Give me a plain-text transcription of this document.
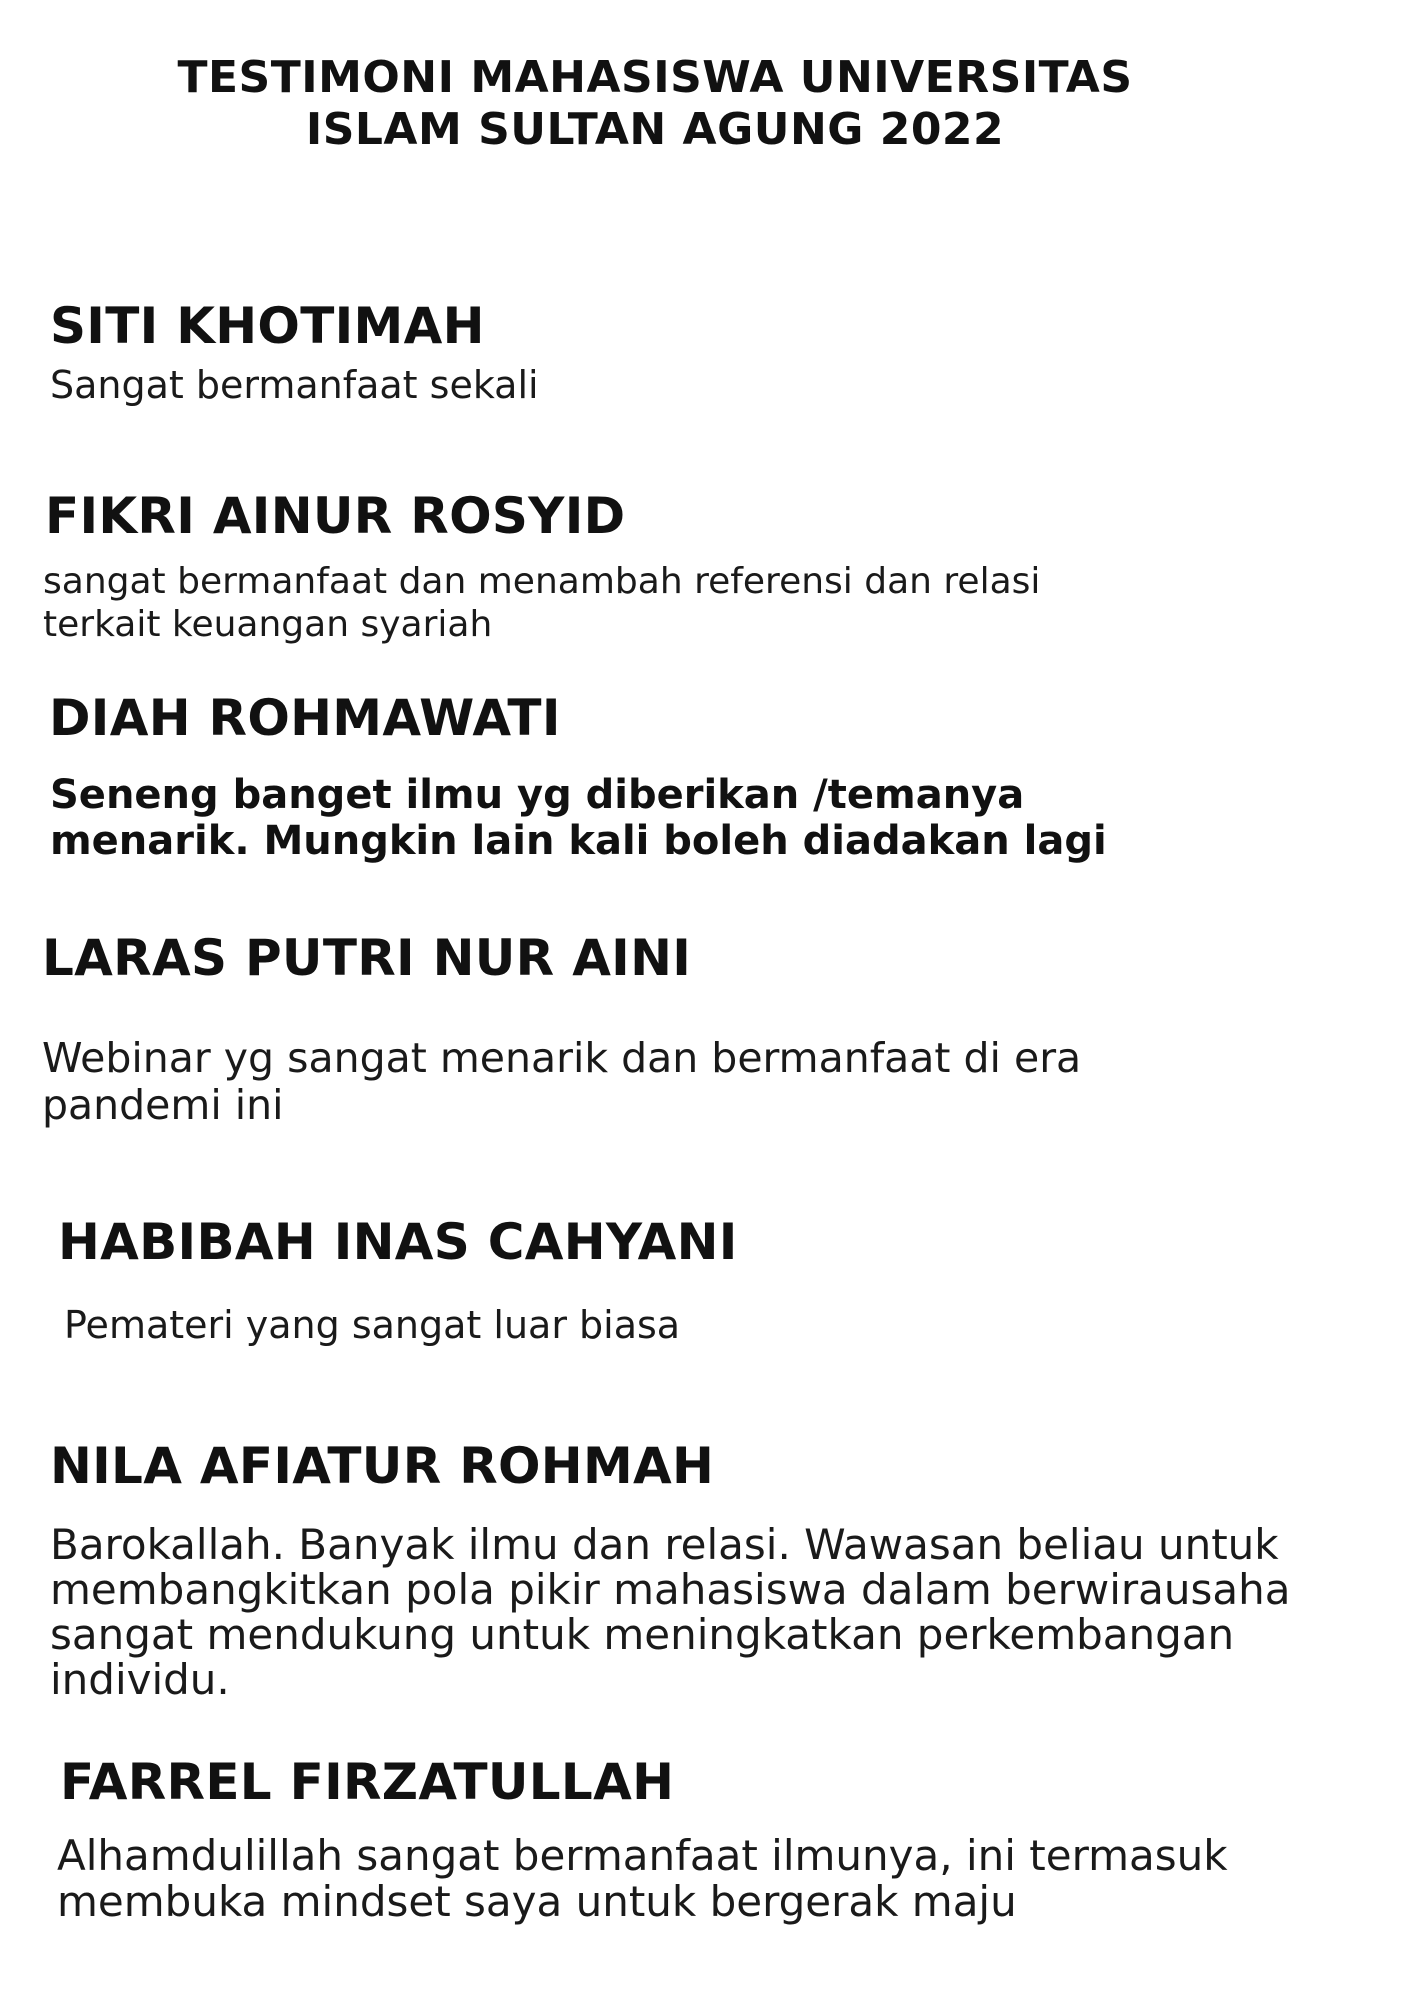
TESTIMONI MAHASISWA UNIVERSITAS
ISLAM SULTAN AGUNG 2022
SITI KHOTIMAH

Sangat bermanfaat sekali

FIKRI AINUR ROSYID

sangat bermanfaat dan menambah referensi dan relasi
terkait keuangan syariah

DIAH ROHMAWATI

Seneng banget ilmu yg diberikan /temanya
menarik. Mungkin lain kali boleh diadakan lagi

LARAS PUTRI NUR AINI

Webinar yg sangat menarik dan bermanfaat di era
pandemi ini

HABIBAH INAS CAHYANI

Pemateri yang sangat luar biasa

NILA AFIATUR ROHMAH

Barokallah. Banyak ilmu dan relasi. Wawasan beliau untuk
membangkitkan pola pikir mahasiswa dalam berwirausaha
sangat mendukung untuk meningkatkan perkembangan
individu.

FARREL FIRZATULLAH

Alhamdulillah sangat bermanfaat ilmunya, ini termasuk
membuka mindset saya untuk bergerak maju
